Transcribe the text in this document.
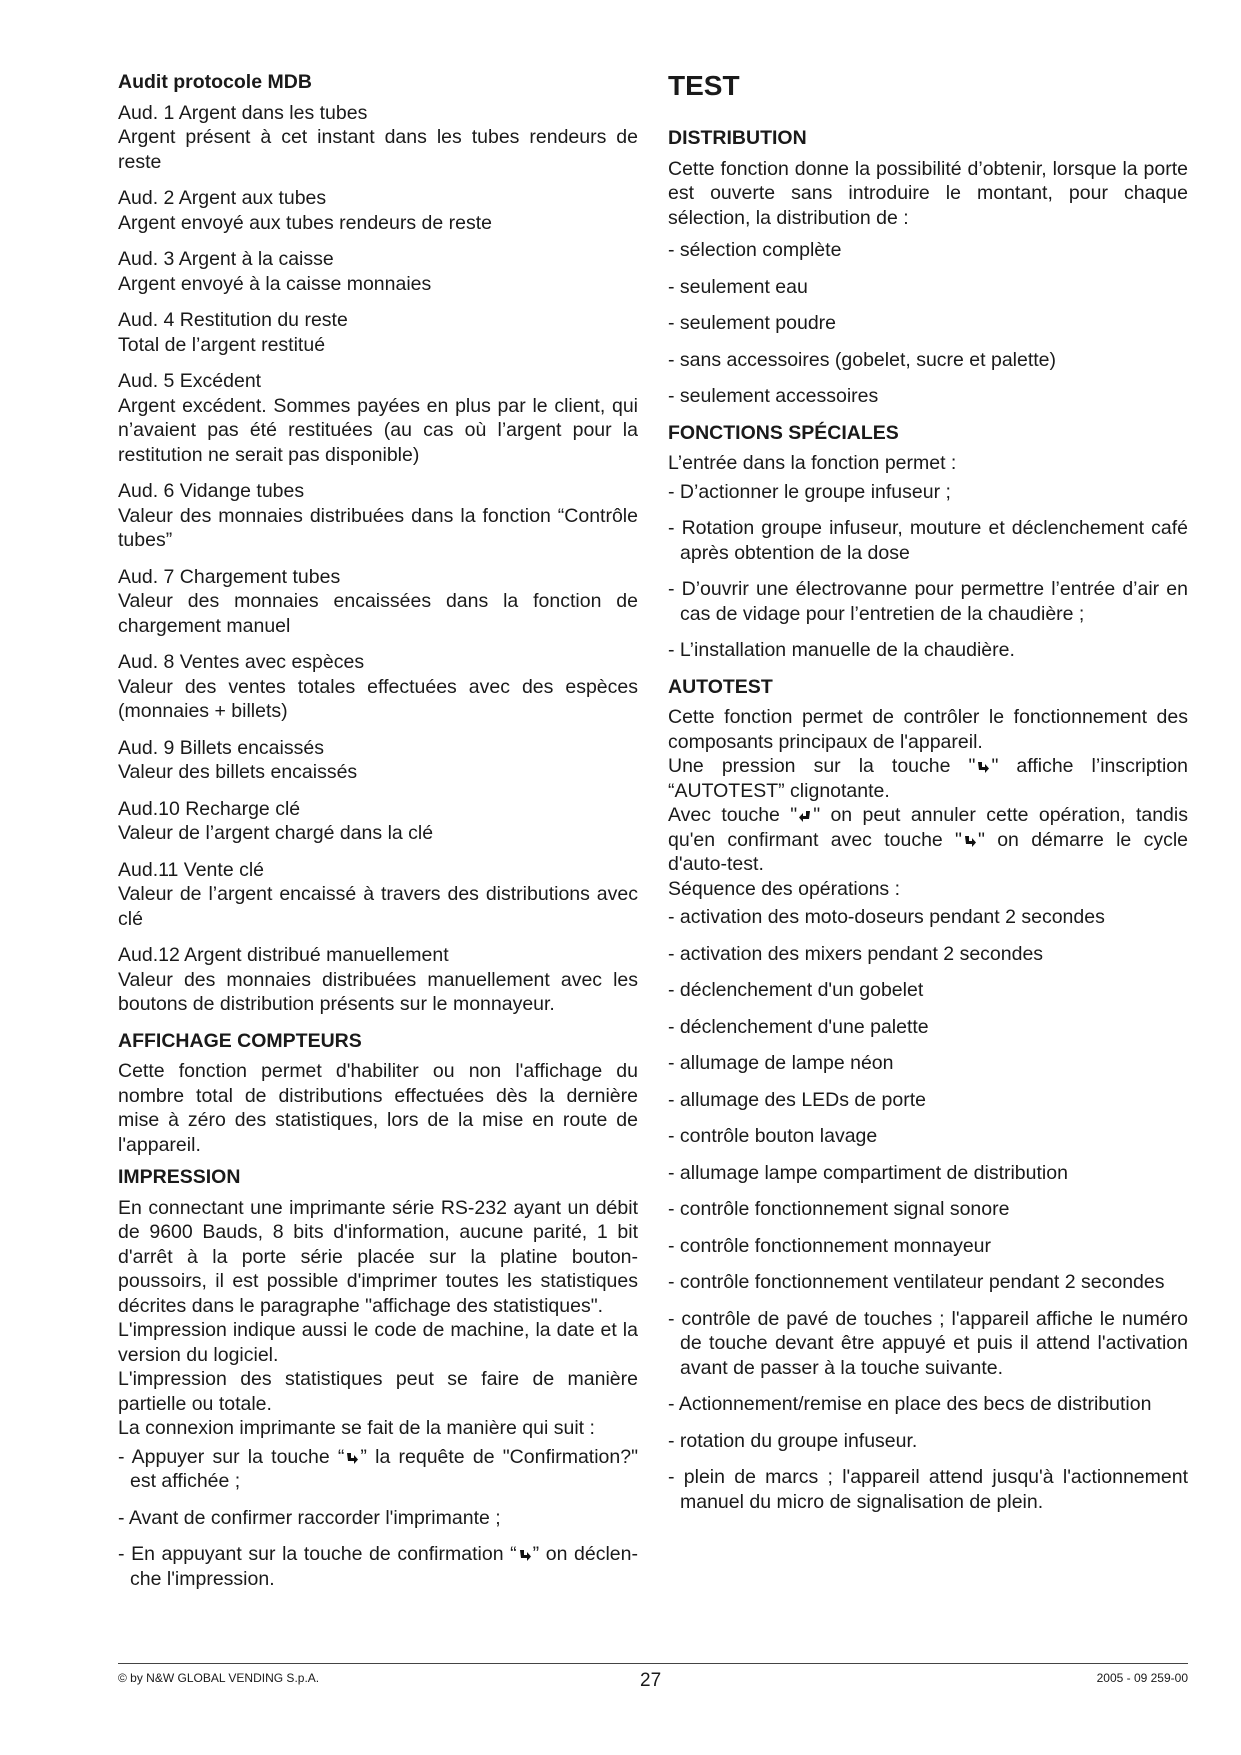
Audit protocole MDB
Aud. 1 Argent dans les tubes
Argent présent à cet instant dans les tubes rendeurs de reste
Aud. 2 Argent aux tubes
Argent envoyé aux tubes rendeurs de reste
Aud. 3 Argent à la caisse
Argent envoyé à la caisse monnaies
Aud. 4 Restitution du reste
Total de l’argent restitué
Aud. 5 Excédent
Argent excédent. Sommes payées en plus par le client, qui n’avaient pas été restituées (au cas où l’argent pour la restitution ne serait pas disponible)
Aud. 6 Vidange tubes
Valeur des monnaies distribuées dans la fonction “Contrôle tubes”
Aud. 7 Chargement tubes
Valeur des monnaies encaissées dans la fonction de chargement manuel
Aud. 8 Ventes avec espèces
Valeur des ventes totales effectuées avec des espèces (monnaies + billets)
Aud. 9 Billets encaissés
Valeur des billets encaissés
Aud.10 Recharge clé
Valeur de l’argent chargé dans la clé
Aud.11 Vente clé
Valeur de l’argent encaissé à travers des distributions avec clé
Aud.12 Argent distribué manuellement
Valeur des monnaies distribuées manuellement avec les boutons de distribution présents sur le monnayeur.
AFFICHAGE COMPTEURS

Cette fonction permet d'habiliter ou non l'affichage du nombre total de distributions effectuées dès la dernière mise à zéro des statistiques, lors de la mise en route de l'appareil.

IMPRESSION

En connectant une imprimante série RS-232 ayant un débit de 9600 Bauds, 8 bits d'information, aucune parité, 1 bit d'arrêt à la porte série placée sur la platine bouton-poussoirs, il est possible d'imprimer toutes les statistiques décrites dans le paragraphe "affichage des statistiques".

L'impression indique aussi le code de machine, la date et la version du logiciel.

L'impression des statistiques peut se faire de manière partielle ou totale.

La connexion imprimante se fait de la manière qui suit :

- Appuyer sur la touche “ ” la requête de "Confirmation?" est affichée ;
- Avant de confirmer raccorder l'imprimante ;
- En appuyant sur la touche de confirmation “ ” on déclen-che l'impression.
TEST
DISTRIBUTION

Cette fonction donne la possibilité d’obtenir, lorsque la porte est ouverte sans introduire le montant, pour chaque sélection, la distribution de :

- sélection complète
- seulement eau
- seulement poudre
- sans accessoires (gobelet, sucre et palette)
- seulement accessoires
FONCTIONS SPÉCIALES

L’entrée dans la fonction permet :

- D’actionner le groupe infuseur ;
- Rotation groupe infuseur, mouture et déclenchement café après obtention de la dose
- D’ouvrir une électrovanne pour permettre l’entrée d’air en cas de vidage pour l’entretien de la chaudière ;
- L’installation manuelle de la chaudière.
AUTOTEST

Cette fonction permet de contrôler le fonctionnement des composants principaux de l'appareil.

Une pression sur la touche " " affiche l’inscription “AUTOTEST” clignotante.

Avec touche " " on peut annuler cette opération, tandis qu'en confirmant avec touche " " on démarre le cycle d'auto-test.

Séquence des opérations :

- activation des moto-doseurs pendant 2 secondes
- activation des mixers pendant 2 secondes
- déclenchement d'un gobelet
- déclenchement d'une palette
- allumage de lampe néon
- allumage des LEDs de porte
- contrôle bouton lavage
- allumage lampe compartiment de distribution
- contrôle fonctionnement signal sonore
- contrôle fonctionnement monnayeur
- contrôle fonctionnement ventilateur pendant 2 secondes
- contrôle de pavé de touches ; l'appareil affiche le numéro de touche devant être appuyé et puis il attend l'activation avant de passer à la touche suivante.
- Actionnement/remise en place des becs de distribution
- rotation du groupe infuseur.
- plein de marcs ; l'appareil attend jusqu'à l'actionnement manuel du micro de signalisation de plein.
© by N&W GLOBAL VENDING S.p.A.	27	2005 - 09 259-00
